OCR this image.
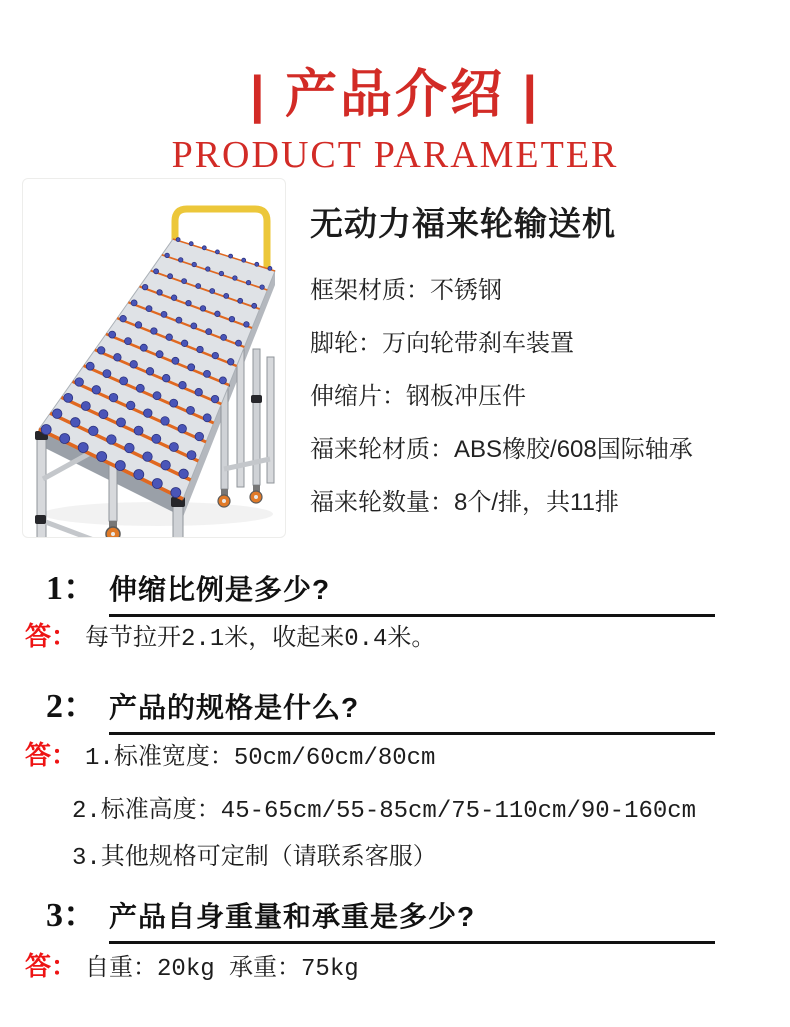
| 产品介绍 |
PRODUCT PARAMETER
无动力福来轮输送机
框架材质：不锈钢
脚轮：万向轮带刹车装置
伸缩片：钢板冲压件
福来轮材质：ABS橡胶/608国际轴承
福来轮数量：8个/排，共11排
1： 伸缩比例是多少?
答： 每节拉开2.1米，收起来0.4米。
2： 产品的规格是什么?
答： 1.标准宽度：50cm/60cm/80cm
2.标准高度：45-65cm/55-85cm/75-110cm/90-160cm
3.其他规格可定制（请联系客服）
3： 产品自身重量和承重是多少?
答： 自重：20kg 承重：75kg
